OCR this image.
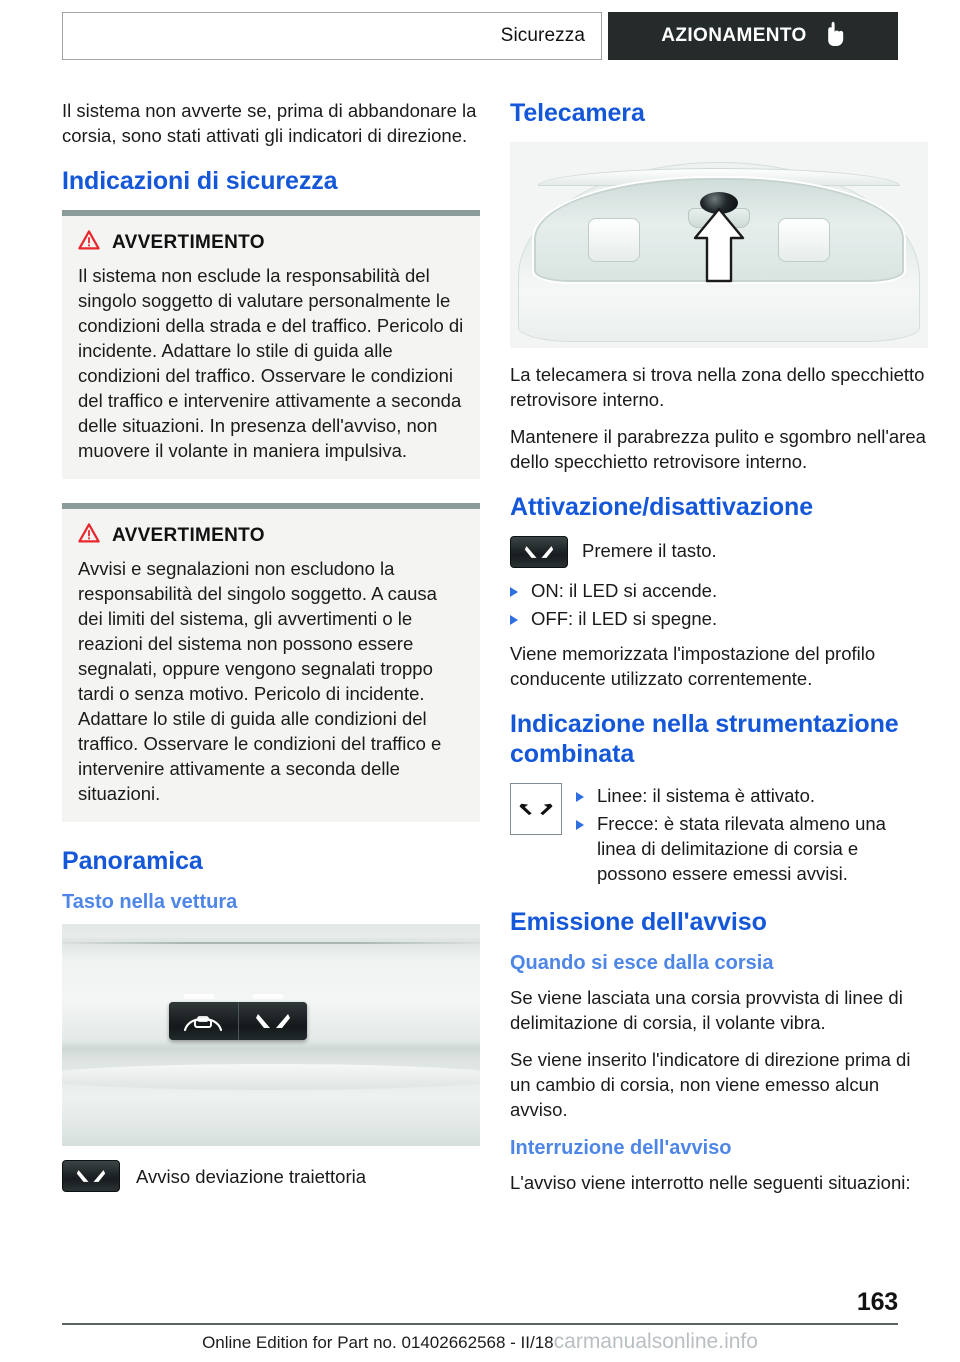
Sicurezza	AZIONAMENTO

Il sistema non avverte se, prima di abbandonare la corsia, sono stati attivati gli indicatori di direzione.

Indicazioni di sicurezza
AVVERTIMENTO

Il sistema non esclude la responsabilità del singolo soggetto di valutare personalmente le condizioni della strada e del traffico. Pericolo di incidente. Adattare lo stile di guida alle condizioni del traffico. Osservare le condizioni del traffico e intervenire attivamente a seconda delle situazioni. In presenza dell'avviso, non muovere il volante in maniera impulsiva.

AVVERTIMENTO

Avvisi e segnalazioni non escludono la responsabilità del singolo soggetto. A causa dei limiti del sistema, gli avvertimenti o le reazioni del sistema non possono essere segnalati, oppure vengono segnalati troppo tardi o senza motivo. Pericolo di incidente. Adattare lo stile di guida alle condizioni del traffico. Osservare le condizioni del traffico e intervenire attivamente a seconda delle situazioni.

Panoramica
Tasto nella vettura
Avviso deviazione traiettoria
Telecamera

La telecamera si trova nella zona dello specchietto retrovisore interno.

Mantenere il parabrezza pulito e sgombro nell'area dello specchietto retrovisore interno.

Attivazione/disattivazione
Premere il tasto.
ON: il LED si accende.
OFF: il LED si spegne.

Viene memorizzata l'impostazione del profilo conducente utilizzato correntemente.

Indicazione nella strumentazione combinata
Linee: il sistema è attivato.
Frecce: è stata rilevata almeno una linea di delimitazione di corsia e possono essere emessi avvisi.
Emissione dell'avviso
Quando si esce dalla corsia

Se viene lasciata una corsia provvista di linee di delimitazione di corsia, il volante vibra.

Se viene inserito l'indicatore di direzione prima di un cambio di corsia, non viene emesso alcun avviso.

Interruzione dell'avviso

L'avviso viene interrotto nelle seguenti situazioni:

163
Online Edition for Part no. 01402662568 - II/18carmanualsonline.info
